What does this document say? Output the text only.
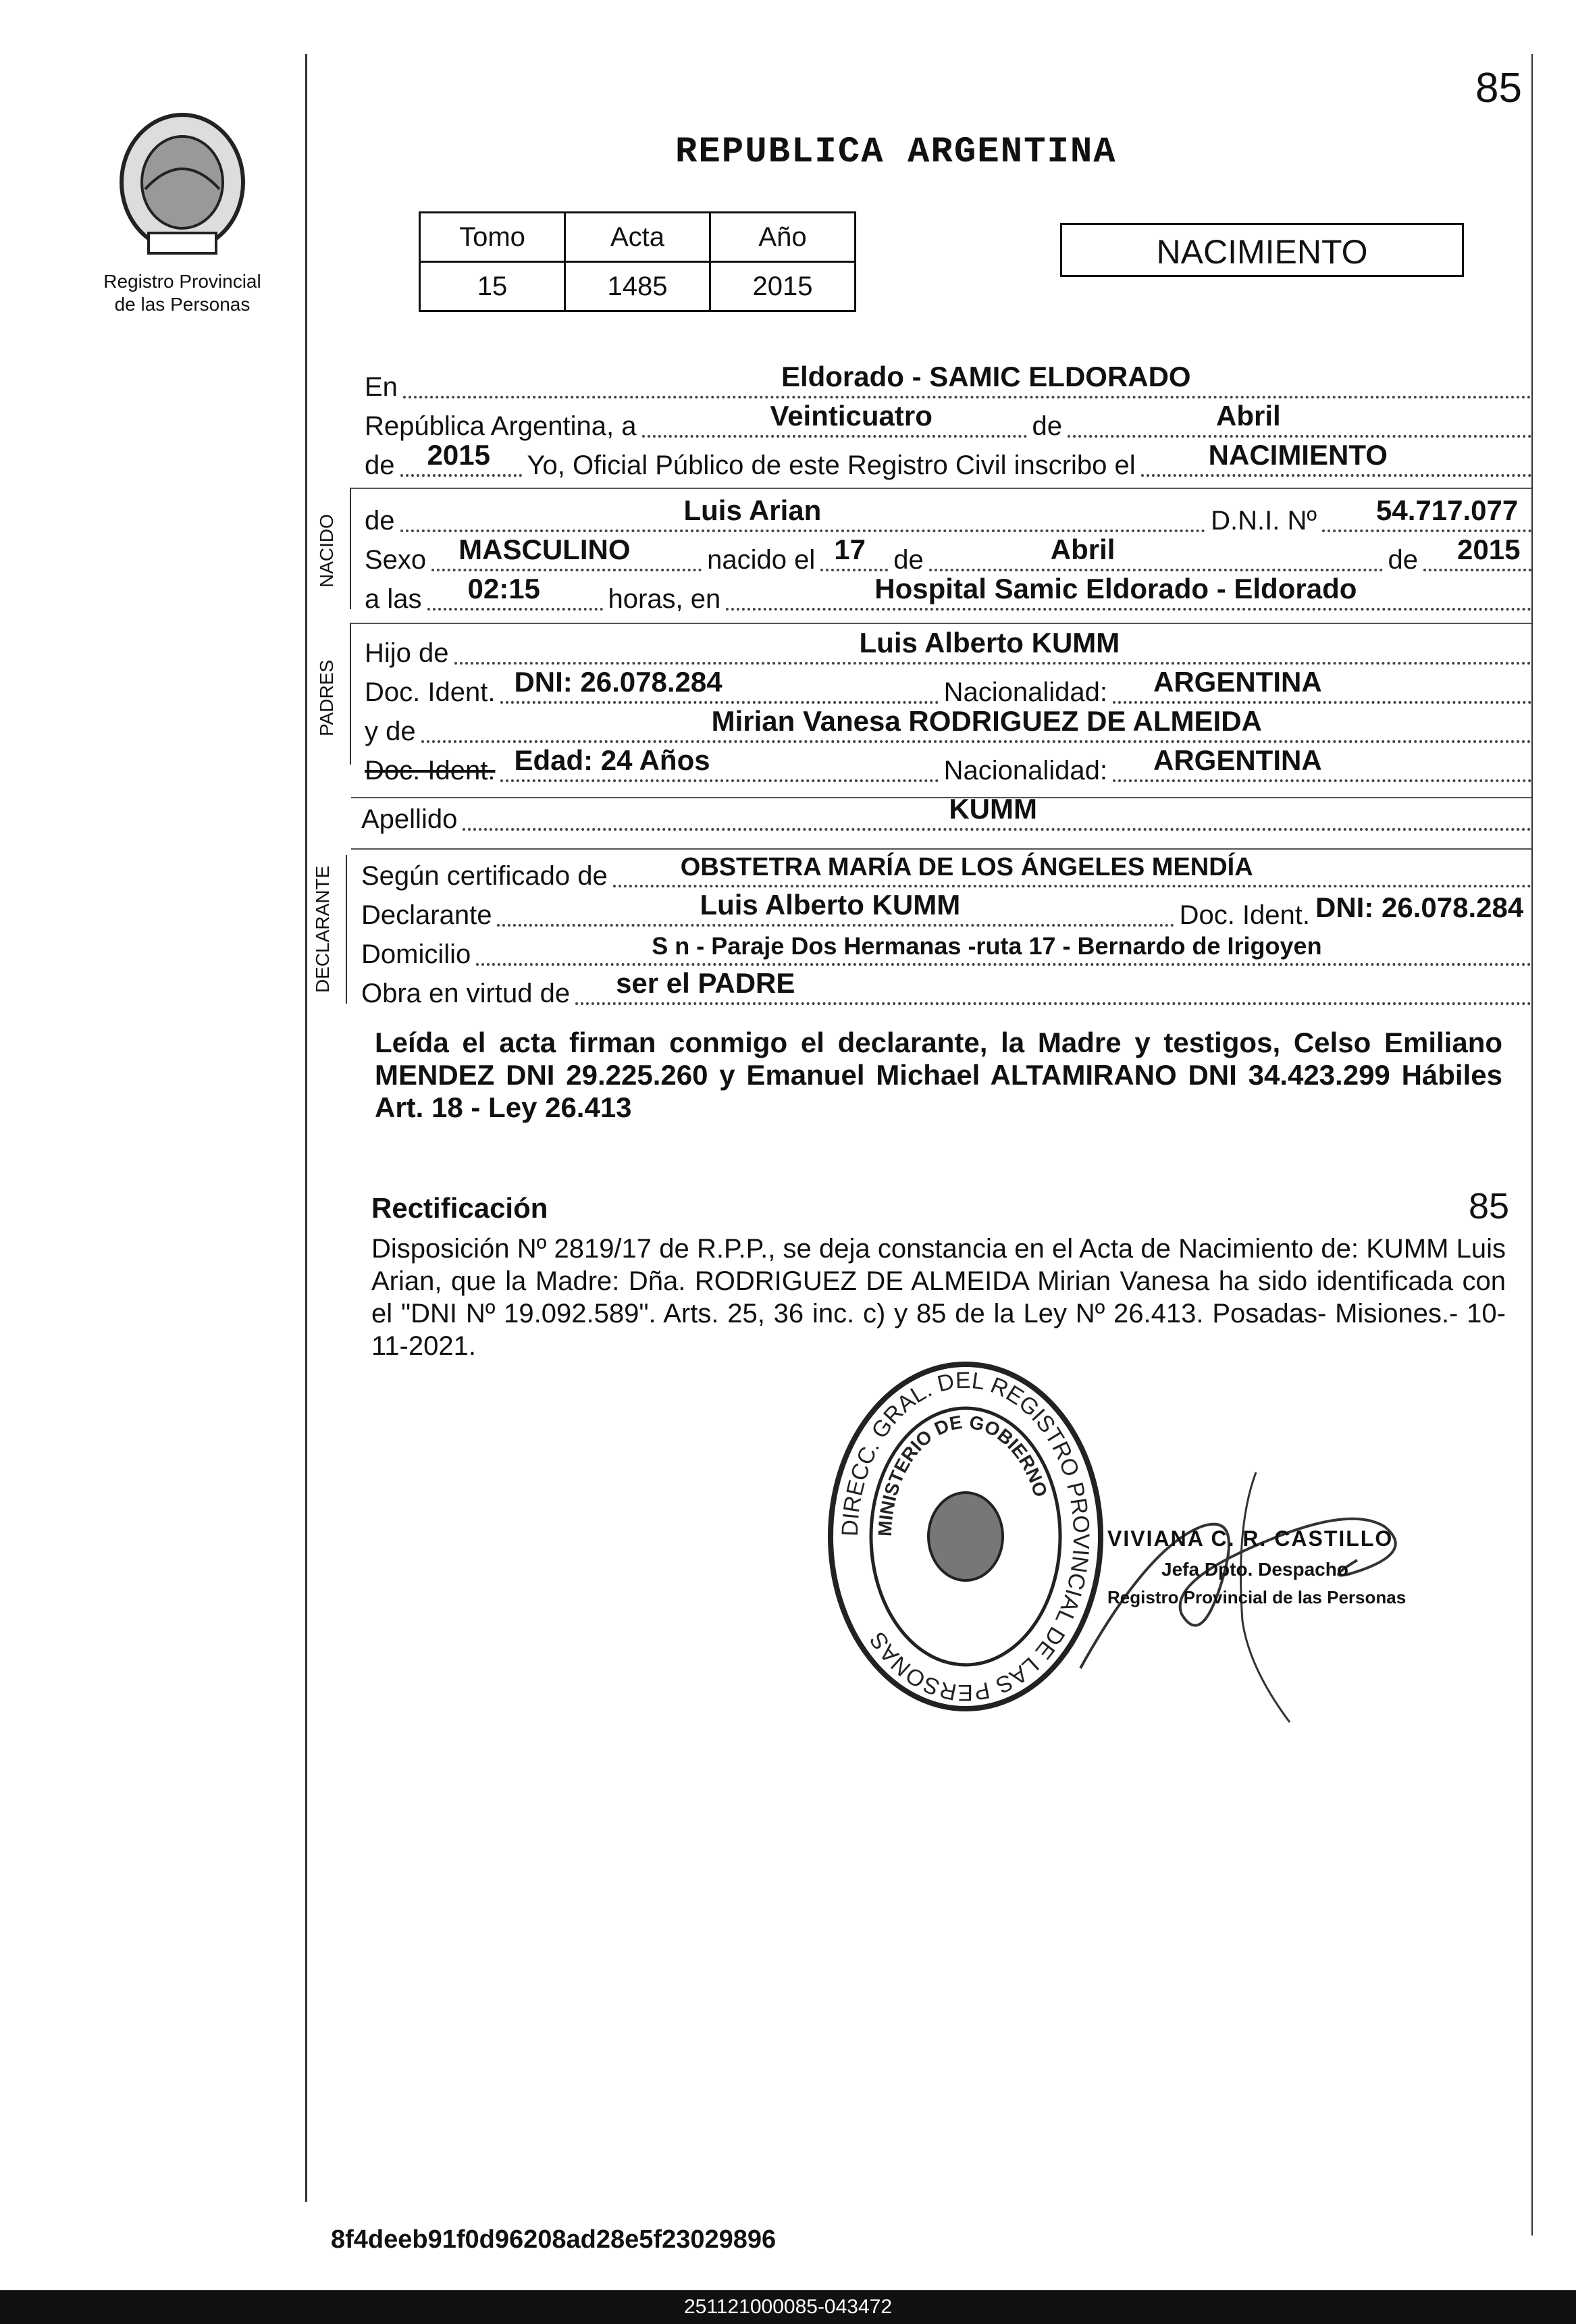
85
Registro Provincial
de las Personas
REPUBLICA ARGENTINA
Tomo	Acta	Año
15	1485	2015
NACIMIENTO
En	Eldorado - SAMIC ELDORADO
República Argentina, a	Veinticuatro	de	Abril
de 2015 Yo, Oficial Público de este Registro Civil inscribo el	NACIMIENTO
NACIDO de	Luis Arian	D.N.I. Nº 54.717.077
Sexo MASCULINO	nacido el 17 de	Abril	de 2015
a las 02:15	horas, en	Hospital Samic Eldorado - Eldorado
PADRES
Hijo de	Luis Alberto KUMM
Doc. Ident. DNI: 26.078.284	Nacionalidad: ARGENTINA
y de	Mirian Vanesa RODRIGUEZ DE ALMEIDA
Doc. Ident. Edad: 24 Años	Nacionalidad: ARGENTINA
Apellido	KUMM
DECLARANTE Según certificado de	OBSTETRA MARÍA DE LOS ÁNGELES MENDÍA
Declarante	Luis Alberto KUMM	Doc. Ident. DNI: 26.078.284
Domicilio	S n - Paraje Dos Hermanas -ruta 17 - Bernardo de Irigoyen
Obra en virtud de ser el PADRE
Leída el acta firman conmigo el declarante, la Madre y testigos, Celso Emiliano MENDEZ DNI 29.225.260 y Emanuel Michael ALTAMIRANO DNI 34.423.299 Hábiles Art. 18 - Ley 26.413
Rectificación	85
Disposición Nº 2819/17 de R.P.P., se deja constancia en el Acta de Nacimiento de: KUMM Luis Arian, que la Madre: Dña. RODRIGUEZ DE ALMEIDA Mirian Vanesa ha sido identificada con el "DNI Nº 19.092.589". Arts. 25, 36 inc. c) y 85 de la Ley Nº 26.413. Posadas- Misiones.- 10-11-2021.
DIRECC. GRAL. DEL REGISTRO PROVINCIAL DE LAS PERSONAS
MINISTERIO DE GOBIERNO
VIVIANA C. R. CASTILLO
Jefa Dpto. Despacho
Registro Provincial de las Personas
8f4deeb91f0d96208ad28e5f23029896
251121000085-043472
